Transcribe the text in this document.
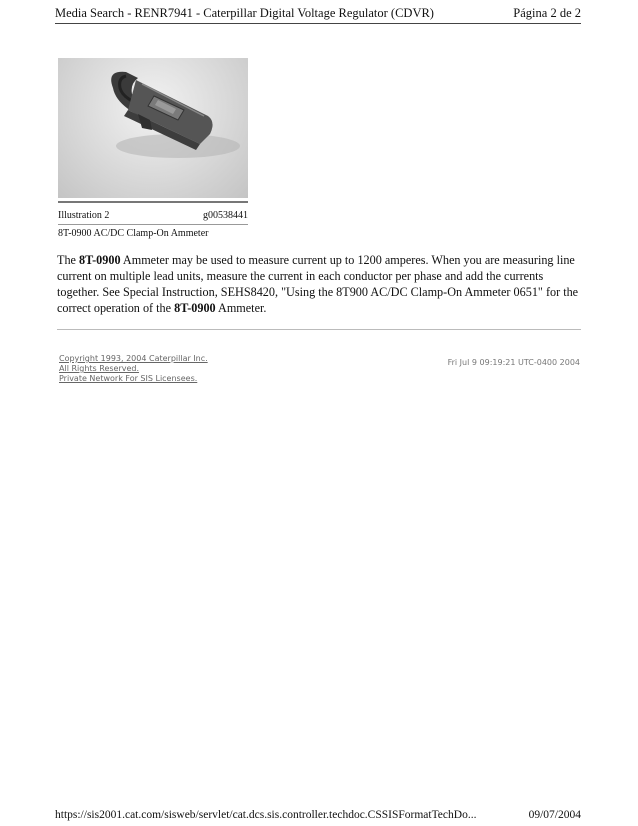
Media Search - RENR7941 - Caterpillar Digital Voltage Regulator (CDVR)	Página 2 de 2
Illustration 2	g00538441
8T-0900 AC/DC Clamp-On Ammeter

The 8T-0900 Ammeter may be used to measure current up to 1200 amperes. When you are measuring line current on multiple lead units, measure the current in each conductor per phase and add the currents together. See Special Instruction, SEHS8420, "Using the 8T900 AC/DC Clamp-On Ammeter 0651" for the correct operation of the 8T-0900 Ammeter.

Copyright 1993, 2004 Caterpillar Inc.
All Rights Reserved.
Private Network For SIS Licensees.
Fri Jul 9 09:19:21 UTC-0400 2004
https://sis2001.cat.com/sisweb/servlet/cat.dcs.sis.controller.techdoc.CSSISFormatTechDo...	09/07/2004
